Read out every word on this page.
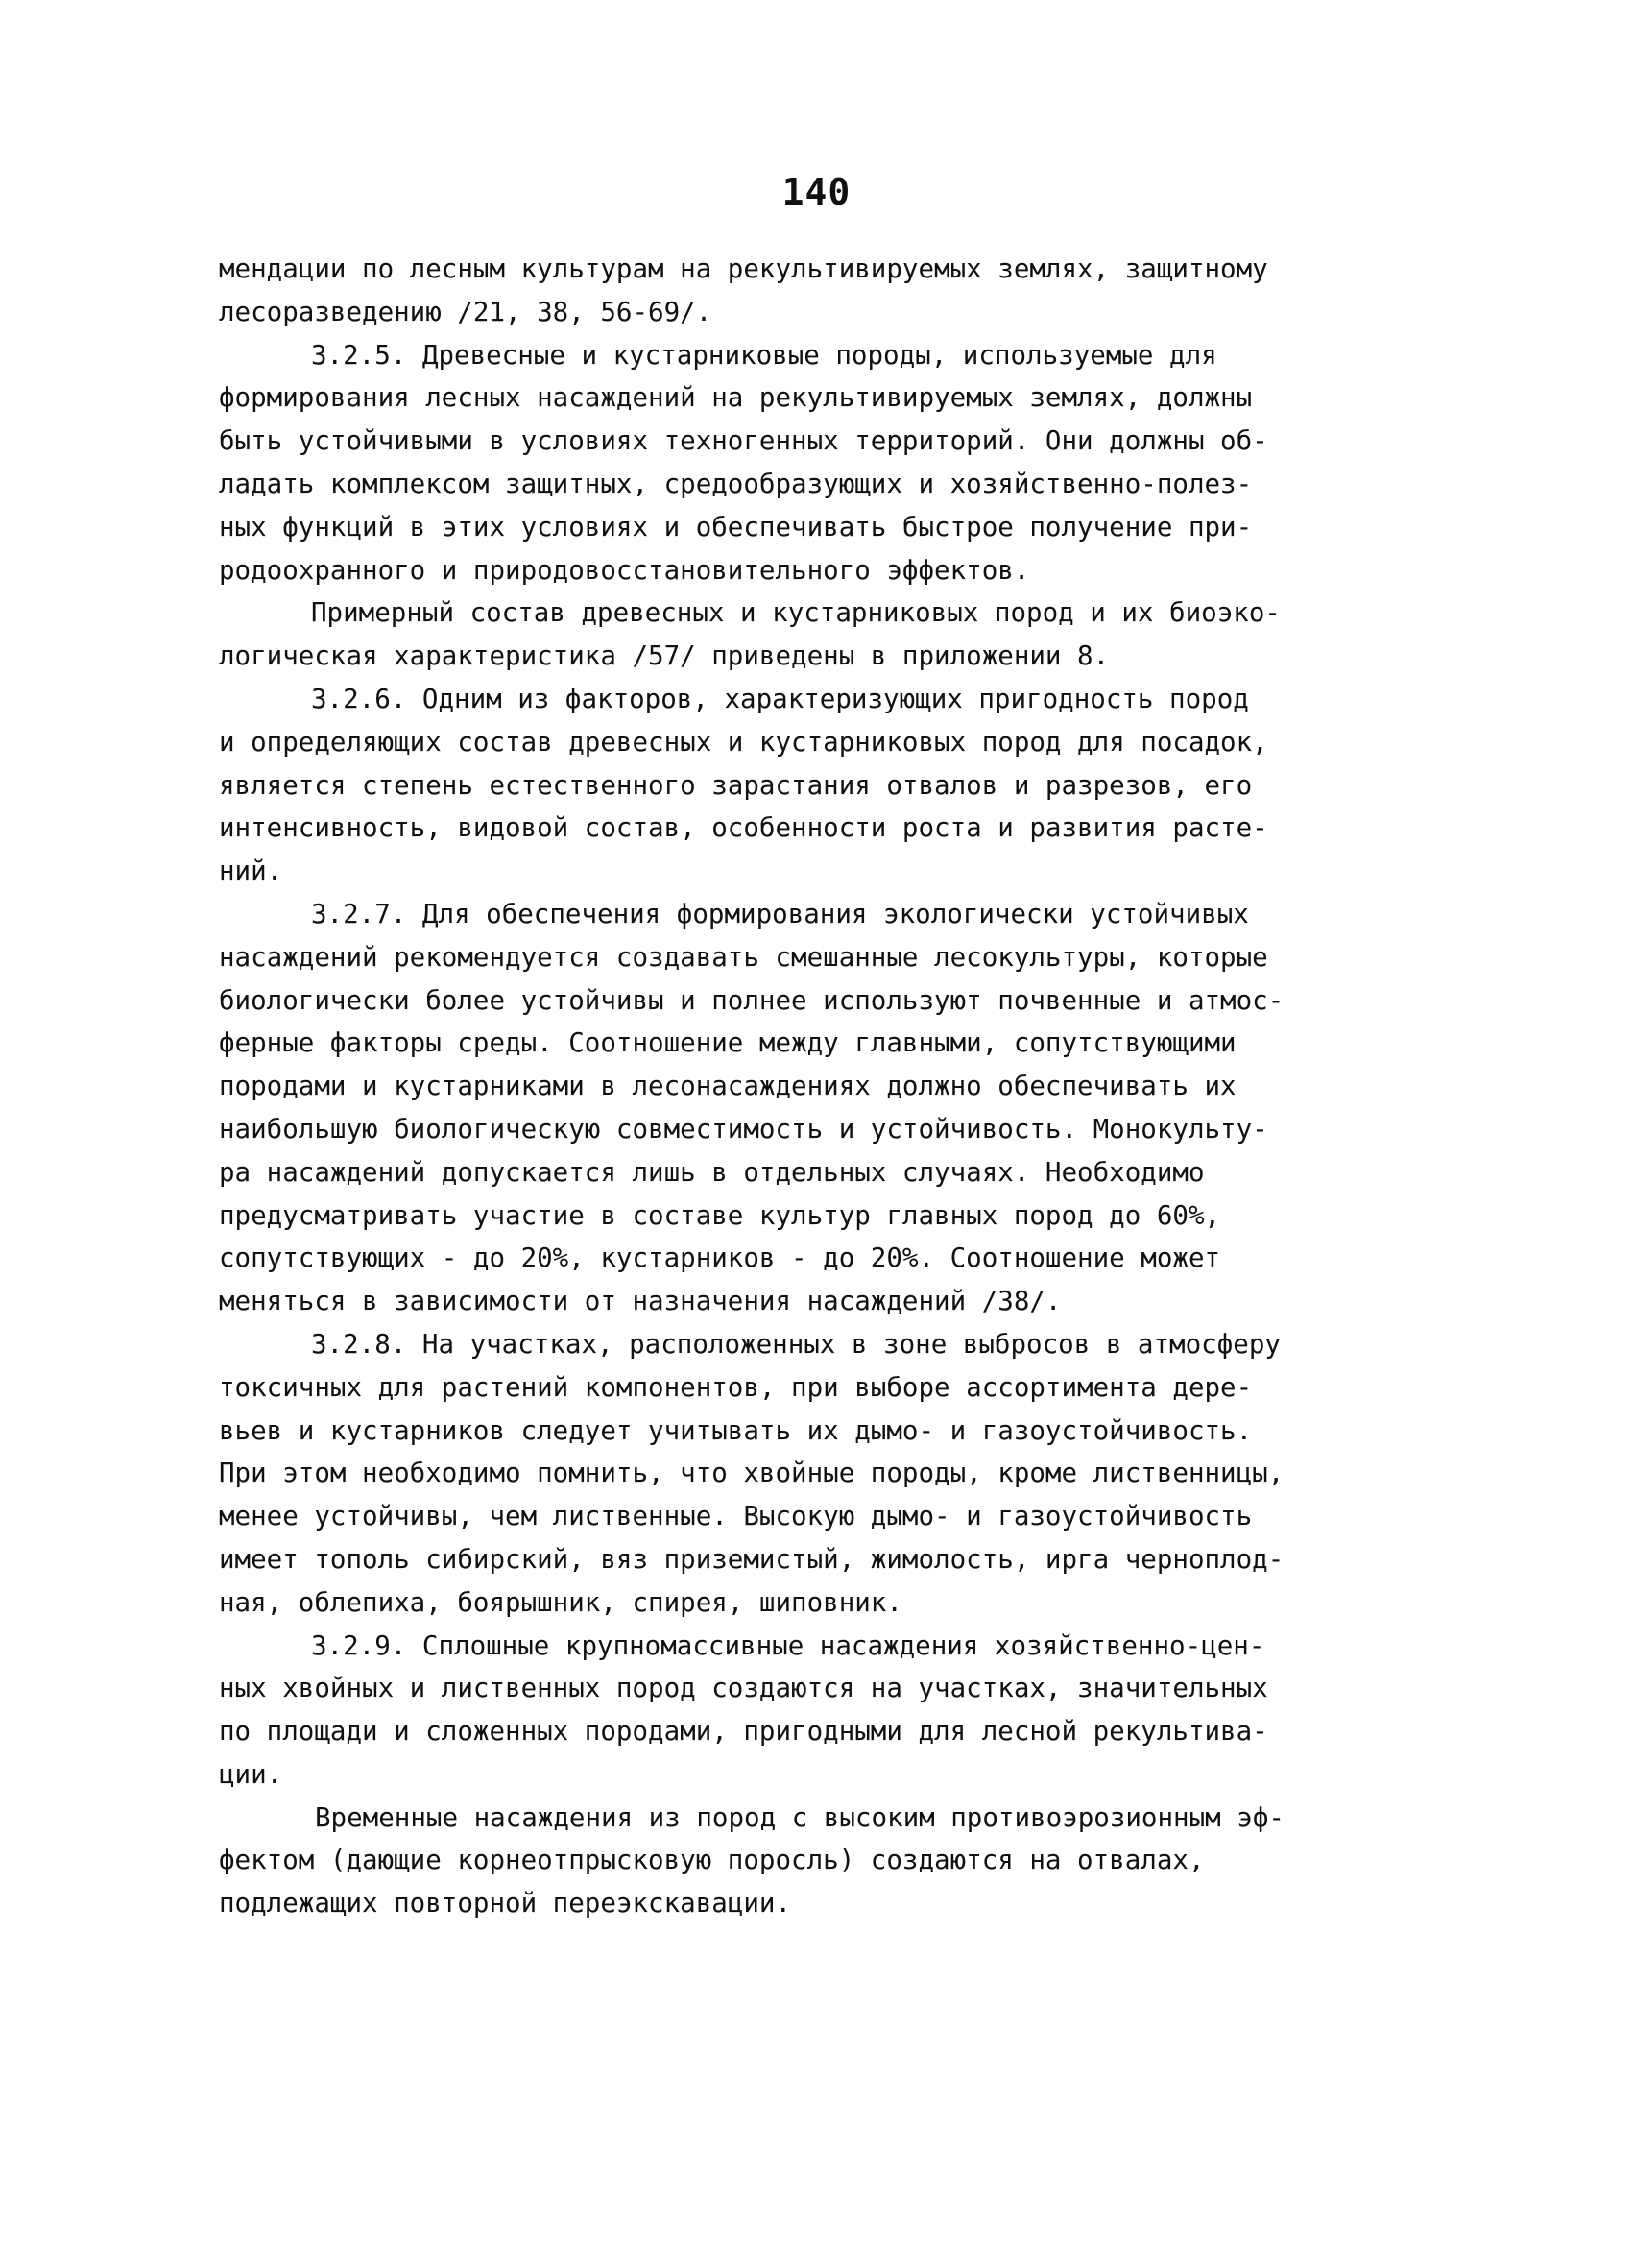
140
мендации по лесным культурам на рекультивируемых землях, защитному
лесоразведению /21, 38, 56-69/.
3.2.5. Древесные и кустарниковые породы, используемые для
формирования лесных насаждений на рекультивируемых землях, должны
быть устойчивыми в условиях техногенных территорий. Они должны об-
ладать комплексом защитных, средообразующих и хозяйственно-полез-
ных функций в этих условиях и обеспечивать быстрое получение при-
родоохранного и природовосстановительного эффектов.
Примерный состав древесных и кустарниковых пород и их биоэко-
логическая характеристика /57/ приведены в приложении 8.
3.2.6. Одним из факторов, характеризующих пригодность пород
и определяющих состав древесных и кустарниковых пород для посадок,
является степень естественного зарастания отвалов и разрезов, его
интенсивность, видовой состав, особенности роста и развития расте-
ний.
3.2.7. Для обеспечения формирования экологически устойчивых
насаждений рекомендуется создавать смешанные лесокультуры, которые
биологически более устойчивы и полнее используют почвенные и атмос-
ферные факторы среды. Соотношение между главными, сопутствующими
породами и кустарниками в лесонасаждениях должно обеспечивать их
наибольшую биологическую совместимость и устойчивость. Монокульту-
ра насаждений допускается лишь в отдельных случаях. Необходимо
предусматривать участие в составе культур главных пород до 60%,
сопутствующих - до 20%, кустарников - до 20%. Соотношение может
меняться в зависимости от назначения насаждений /38/.
3.2.8. На участках, расположенных в зоне выбросов в атмосферу
токсичных для растений компонентов, при выборе ассортимента дере-
вьев и кустарников следует учитывать их дымо- и газоустойчивость.
При этом необходимо помнить, что хвойные породы, кроме лиственницы,
менее устойчивы, чем лиственные. Высокую дымо- и газоустойчивость
имеет тополь сибирский, вяз приземистый, жимолость, ирга черноплод-
ная, облепиха, боярышник, спирея, шиповник.
3.2.9. Сплошные крупномассивные насаждения хозяйственно-цен-
ных хвойных и лиственных пород создаются на участках, значительных
по площади и сложенных породами, пригодными для лесной рекультива-
ции.
Временные насаждения из пород с высоким противоэрозионным эф-
фектом (дающие корнеотпрысковую поросль) создаются на отвалах,
подлежащих повторной переэкскавации.
